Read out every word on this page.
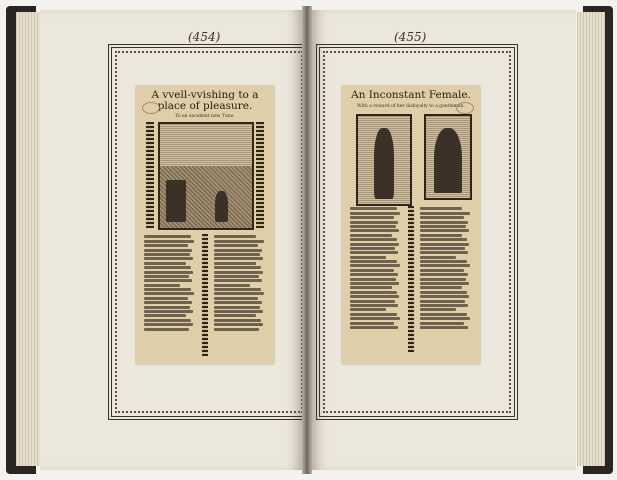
(454)
A vvell-vvishing to a place of pleasure.
To an excellent new Tune.
(455)
An Inconstant Female.
With a reward of her disloyalty to a gentleman.
